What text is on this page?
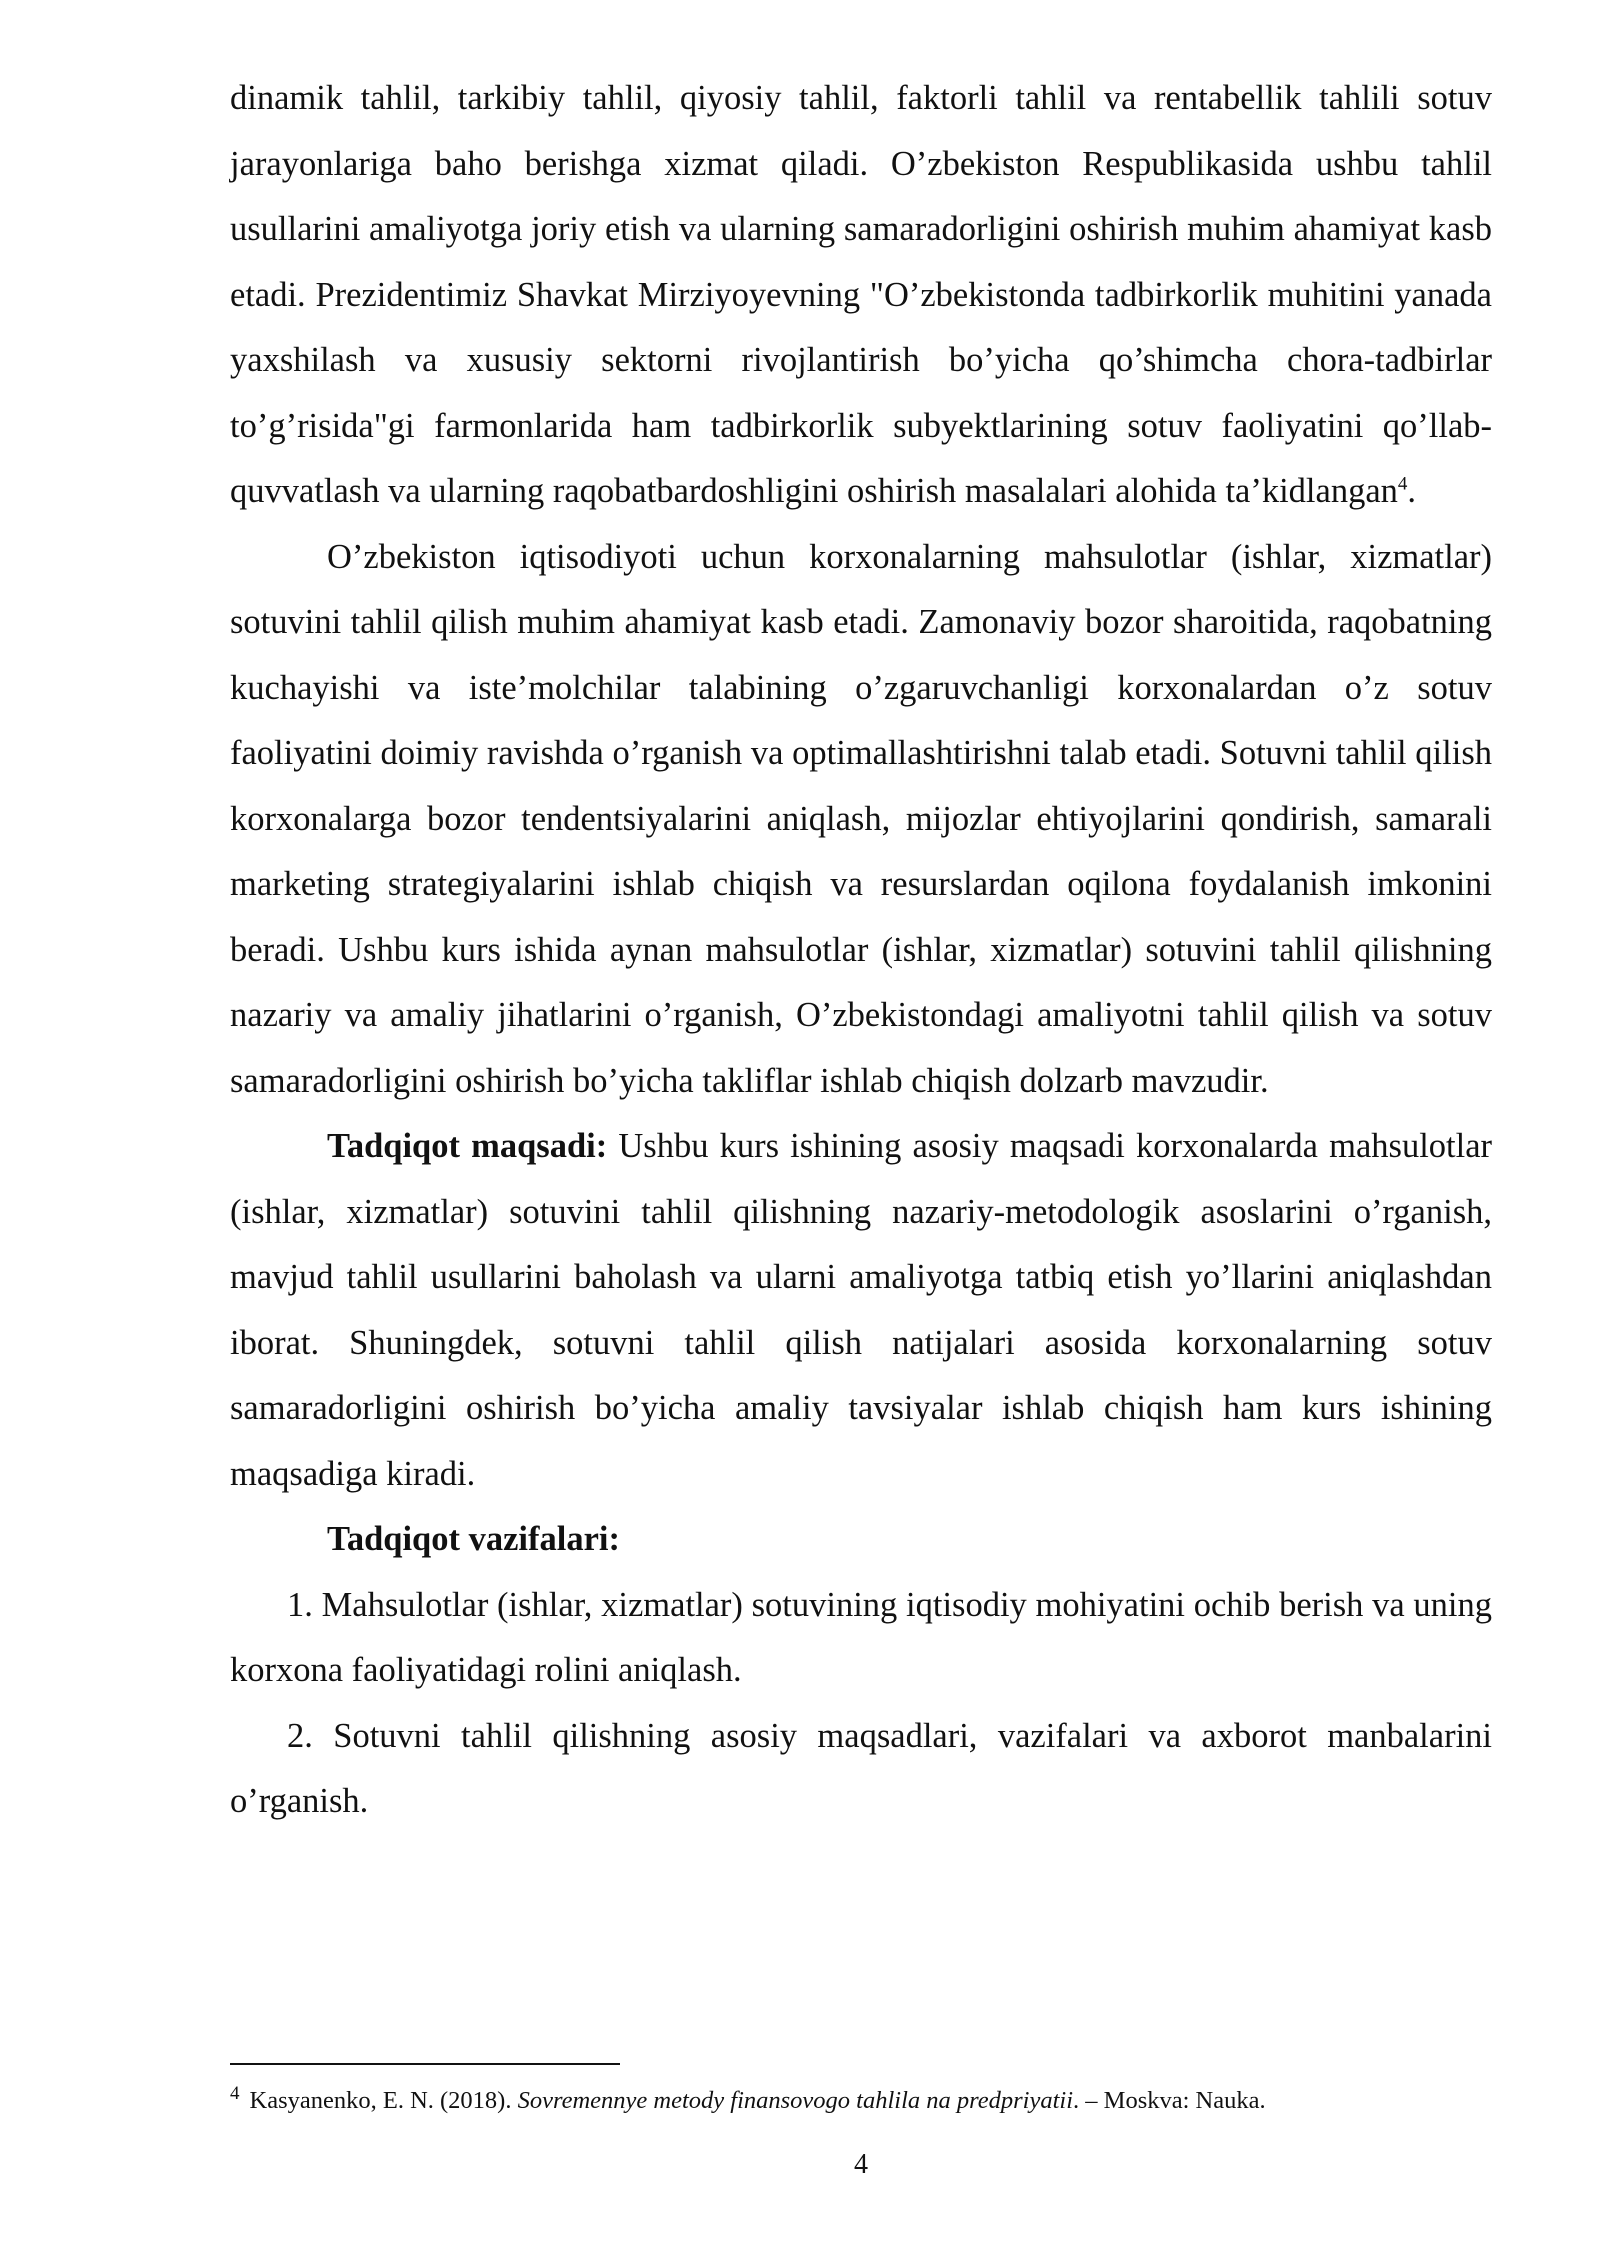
dinamik tahlil, tarkibiy tahlil, qiyosiy tahlil, faktorli tahlil va rentabellik tahlili sotuv jarayonlariga baho berishga xizmat qiladi. O’zbekiston Respublikasida ushbu tahlil usullarini amaliyotga joriy etish va ularning samaradorligini oshirish muhim ahamiyat kasb etadi. Prezidentimiz Shavkat Mirziyoyevning "O’zbekistonda tadbirkorlik muhitini yanada yaxshilash va xususiy sektorni rivojlantirish bo’yicha qo’shimcha chora-tadbirlar to’g’risida"gi farmonlarida ham tadbirkorlik subyektlarining sotuv faoliyatini qo’llab-quvvatlash va ularning raqobatbardoshligini oshirish masalalari alohida ta’kidlangan$^4$.

O’zbekiston iqtisodiyoti uchun korxonalarning mahsulotlar (ishlar, xizmatlar) sotuvini tahlil qilish muhim ahamiyat kasb etadi. Zamonaviy bozor sharoitida, raqobatning kuchayishi va iste’molchilar talabining o’zgaruvchanligi korxonalardan o’z sotuv faoliyatini doimiy ravishda o’rganish va optimallashtirishni talab etadi. Sotuvni tahlil qilish korxonalarga bozor tendentsiyalarini aniqlash, mijozlar ehtiyojlarini qondirish, samarali marketing strategiyalarini ishlab chiqish va resurslardan oqilona foydalanish imkonini beradi. Ushbu kurs ishida aynan mahsulotlar (ishlar, xizmatlar) sotuvini tahlil qilishning nazariy va amaliy jihatlarini o’rganish, O’zbekistondagi amaliyotni tahlil qilish va sotuv samaradorligini oshirish bo’yicha takliflar ishlab chiqish dolzarb mavzudir.

Tadqiqot maqsadi: Ushbu kurs ishining asosiy maqsadi korxonalarda mahsulotlar (ishlar, xizmatlar) sotuvini tahlil qilishning nazariy-metodologik asoslarini o’rganish, mavjud tahlil usullarini baholash va ularni amaliyotga tatbiq etish yo’llarini aniqlashdan iborat. Shuningdek, sotuvni tahlil qilish natijalari asosida korxonalarning sotuv samaradorligini oshirish bo’yicha amaliy tavsiyalar ishlab chiqish ham kurs ishining maqsadiga kiradi.

Tadqiqot vazifalari:

1. Mahsulotlar (ishlar, xizmatlar) sotuvining iqtisodiy mohiyatini ochib berish va uning korxona faoliyatidagi rolini aniqlash.

2. Sotuvni tahlil qilishning asosiy maqsadlari, vazifalari va axborot manbalarini o’rganish.

$^4$ Kasyanenko, E. N. (2018). Sovremennye metody finansovogo tahlila na predpriyatii. – Moskva: Nauka.
4
